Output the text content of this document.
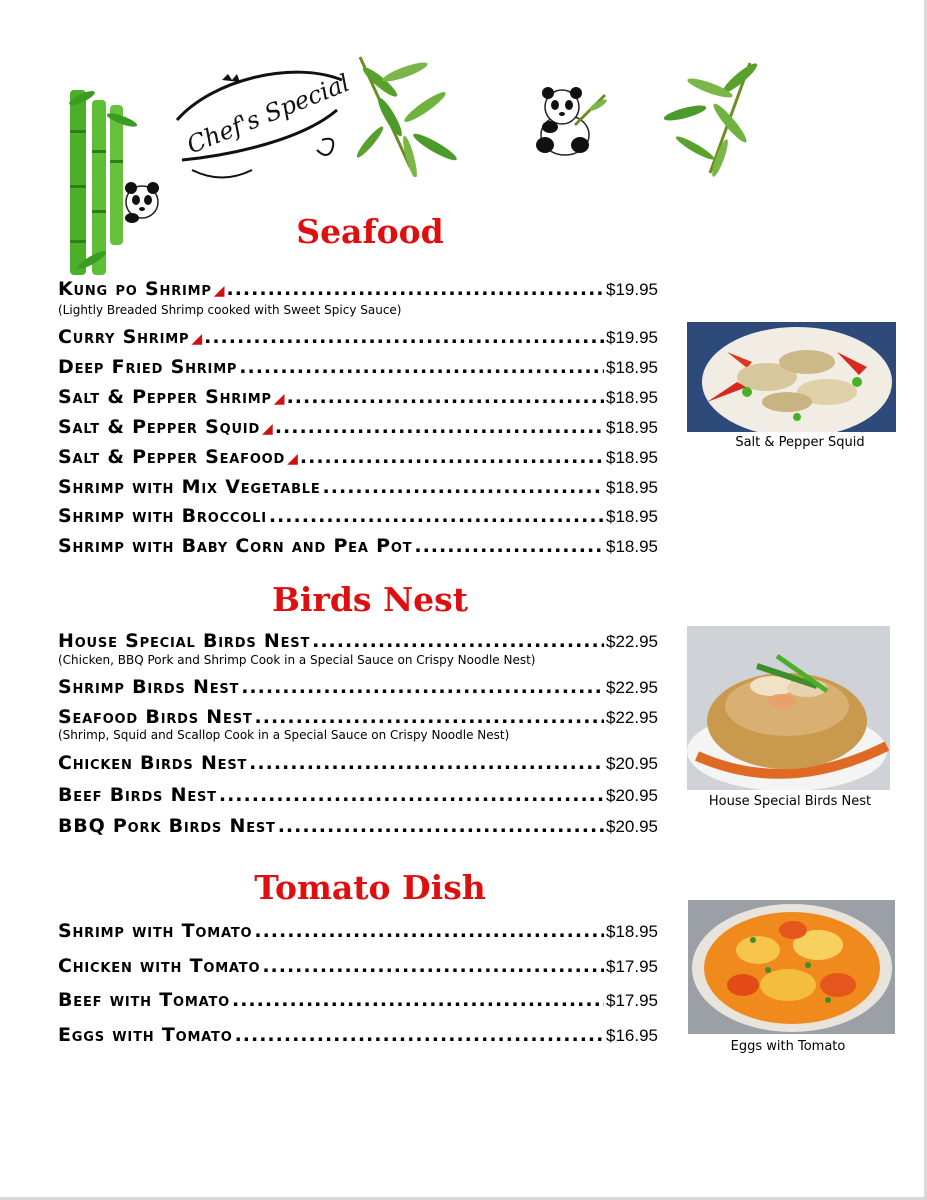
Chef's Special
Seafood
Kung po Shrimp ◢ .....	$19.95
(Lightly Breaded Shrimp cooked with Sweet Spicy Sauce)
Curry Shrimp ◢ .....	$19.95
Deep Fried Shrimp .....	$18.95
Salt & Pepper Shrimp ◢ .....	$18.95
Salt & Pepper Squid ◢ .....	$18.95
Salt & Pepper Seafood ◢ .....	$18.95
Shrimp with Mix Vegetable .....	$18.95
Shrimp with Broccoli .....	$18.95
Shrimp with Baby Corn and Pea Pot .....	$18.95
Salt & Pepper Squid
Birds Nest
House Special Birds Nest .....	$22.95
(Chicken, BBQ Pork and Shrimp Cook in a Special Sauce on Crispy Noodle Nest)
Shrimp Birds Nest .....	$22.95
Seafood Birds Nest .....	$22.95
(Shrimp, Squid and Scallop Cook in a Special Sauce on Crispy Noodle Nest)
Chicken Birds Nest .....	$20.95
Beef Birds Nest .....	$20.95
BBQ Pork Birds Nest .....	$20.95
House Special Birds Nest
Tomato Dish
Shrimp with Tomato .....	$18.95
Chicken with Tomato .....	$17.95
Beef with Tomato .....	$17.95
Eggs with Tomato .....	$16.95
Eggs with Tomato
